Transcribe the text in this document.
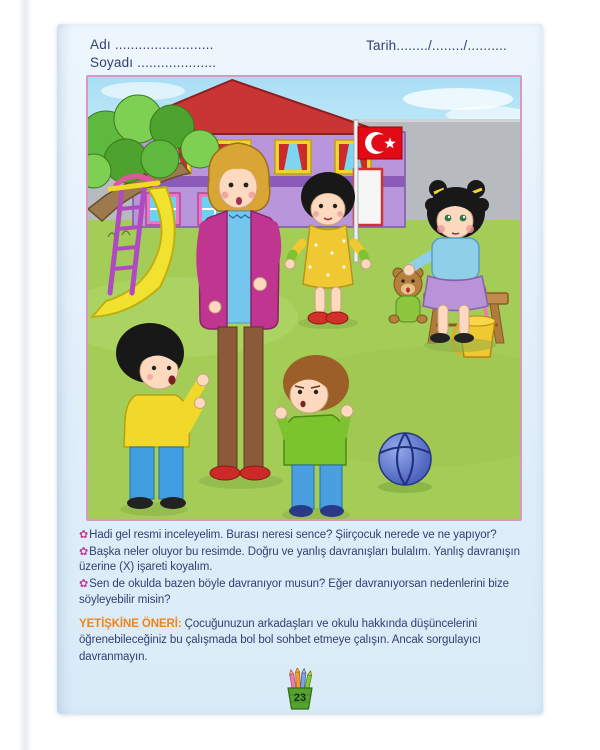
Adı .........................
Soyadı ....................
Tarih......../......../..........

✿Hadi gel resmi inceleyelim. Burası neresi sence? Şiirçocuk nerede ve ne yapıyor?

✿Başka neler oluyor bu resimde. Doğru ve yanlış davranışları bulalım. Yanlış davranışın üzerine (X) işareti koyalım.

✿Sen de okulda bazen böyle davranıyor musun? Eğer davranıyorsan nedenlerini bize söyleyebilir misin?

YETİŞKİNE ÖNERİ: Çocuğunuzun arkadaşları ve okulu hakkında düşüncelerini öğrenebileceğiniz bu çalışmada bol bol sohbet etmeye çalışın. Ancak sorgulayıcı davranmayın.

23
